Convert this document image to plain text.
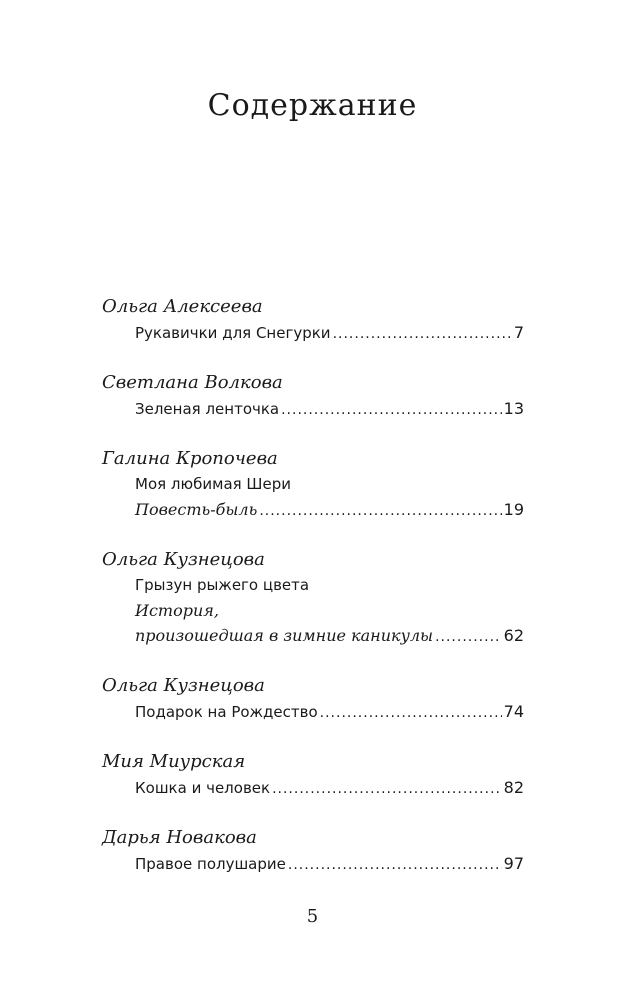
Содержание
Ольга Алексеева
Рукавички для Снегурки .....	7
Светлана Волкова
Зеленая ленточка .....	13
Галина Кропочева
Моя любимая Шери
Повесть-быль .....	19
Ольга Кузнецова
Грызун рыжего цвета
История,
произошедшая в зимние каникулы .....	62
Ольга Кузнецова
Подарок на Рождество .....	74
Мия Миурская
Кошка и человек .....	82
Дарья Новакова
Правое полушарие .....	97
5
